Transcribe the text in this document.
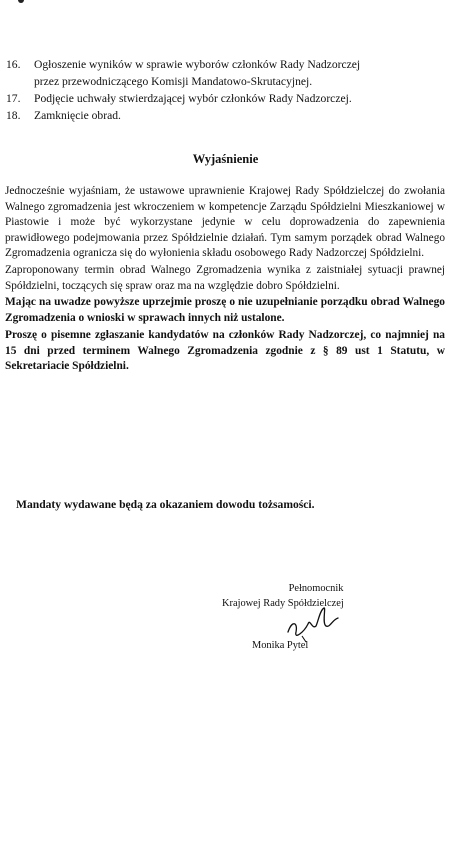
16.	Ogłoszenie wyników w sprawie wyborów członków Rady Nadzorczej
przez przewodniczącego Komisji Mandatowo-Skrutacyjnej.
17.	Podjęcie uchwały stwierdzającej wybór członków Rady Nadzorczej.
18.	Zamknięcie obrad.
Wyjaśnienie

Jednocześnie wyjaśniam, że ustawowe uprawnienie Krajowej Rady Spółdzielczej do zwołania Walnego zgromadzenia jest wkroczeniem w kompetencje Zarządu Spółdzielni Mieszkaniowej w Piastowie i może być wykorzystane jedynie w celu doprowadzenia do zapewnienia prawidłowego podejmowania przez Spółdzielnie działań. Tym samym porządek obrad Walnego Zgromadzenia ogranicza się do wyłonienia składu osobowego Rady Nadzorczej Spółdzielni.

Zaproponowany termin obrad Walnego Zgromadzenia wynika z zaistniałej sytuacji prawnej Spółdzielni, toczących się spraw oraz ma na względzie dobro Spółdzielni.

Mając na uwadze powyższe uprzejmie proszę o nie uzupełnianie porządku obrad Walnego Zgromadzenia o wnioski w sprawach innych niż ustalone.

Proszę o pisemne zgłaszanie kandydatów na członków Rady Nadzorczej, co najmniej na 15 dni przed terminem Walnego Zgromadzenia zgodnie z § 89 ust 1 Statutu, w Sekretariacie Spółdzielni.

Mandaty wydawane będą za okazaniem dowodu tożsamości.
Pełnomocnik
Krajowej Rady Spółdzielczej
Monika Pytel
